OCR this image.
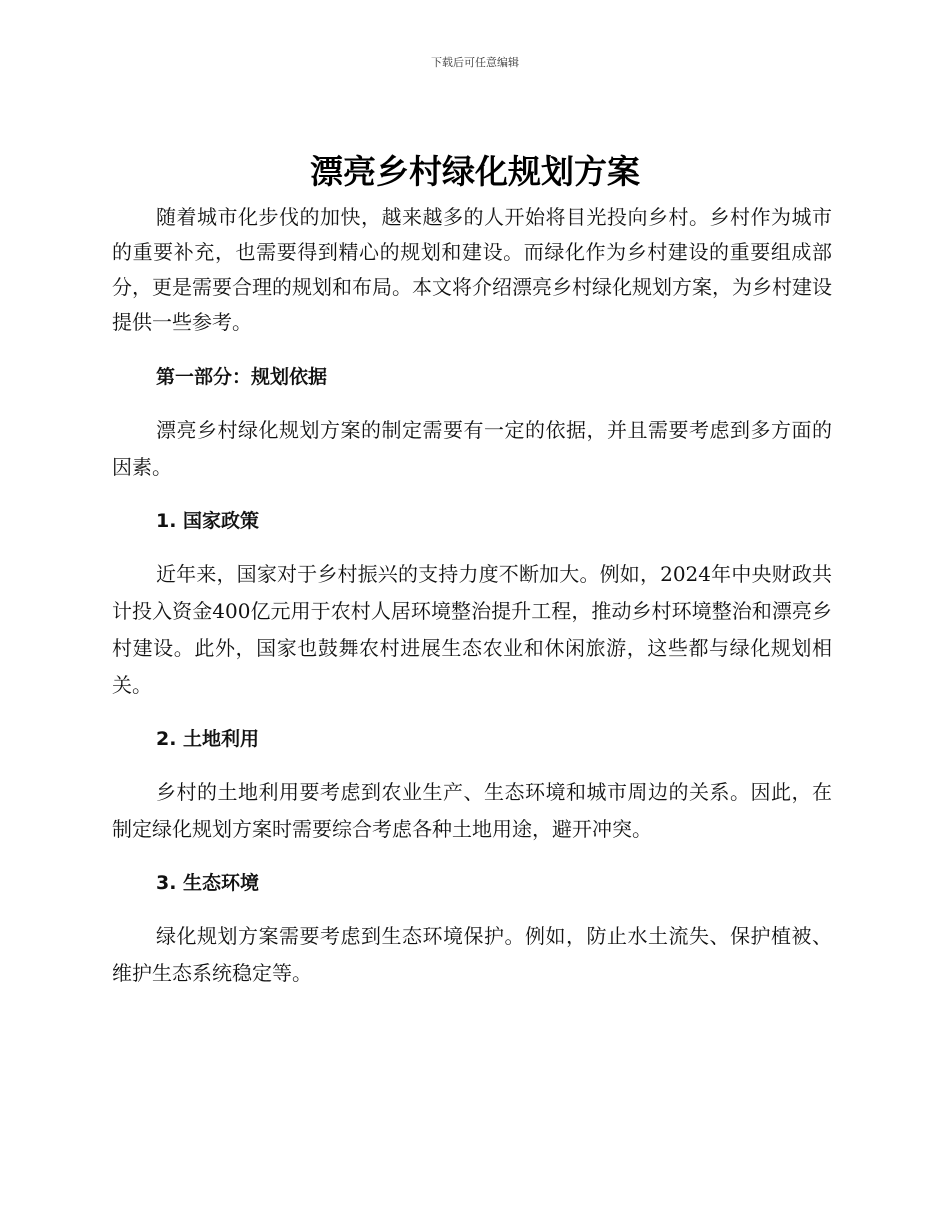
下载后可任意编辑
漂亮乡村绿化规划方案

随着城市化步伐的加快，越来越多的人开始将目光投向乡村。乡村作为城市的重要补充，也需要得到精心的规划和建设。而绿化作为乡村建设的重要组成部分，更是需要合理的规划和布局。本文将介绍漂亮乡村绿化规划方案，为乡村建设提供一些参考。

第一部分：规划依据

漂亮乡村绿化规划方案的制定需要有一定的依据，并且需要考虑到多方面的因素。

1. 国家政策

近年来，国家对于乡村振兴的支持力度不断加大。例如，2024年中央财政共计投入资金400亿元用于农村人居环境整治提升工程，推动乡村环境整治和漂亮乡村建设。此外，国家也鼓舞农村进展生态农业和休闲旅游，这些都与绿化规划相关。

2. 土地利用

乡村的土地利用要考虑到农业生产、生态环境和城市周边的关系。因此，在制定绿化规划方案时需要综合考虑各种土地用途，避开冲突。

3. 生态环境

绿化规划方案需要考虑到生态环境保护。例如，防止水土流失、保护植被、维护生态系统稳定等。
